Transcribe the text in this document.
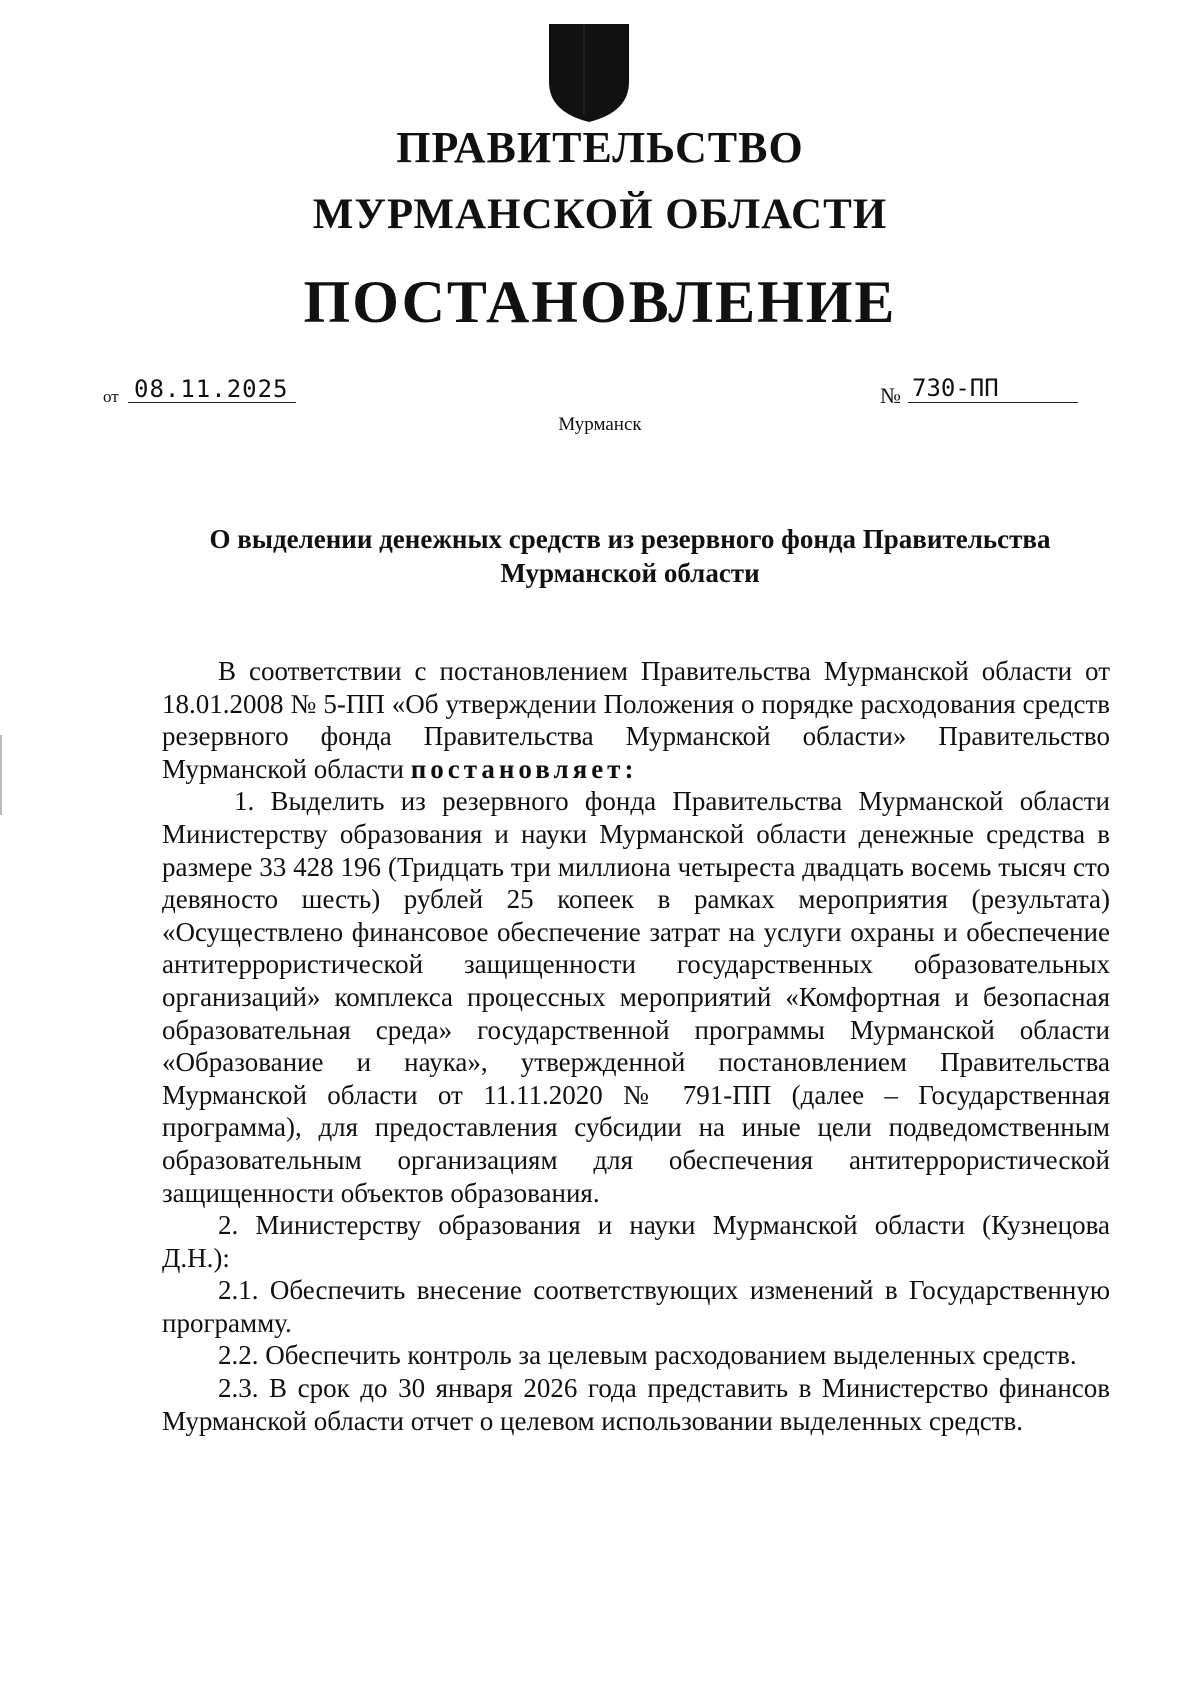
ПРАВИТЕЛЬСТВО
МУРМАНСКОЙ ОБЛАСТИ
ПОСТАНОВЛЕНИЕ
от 08.11.2025	№ 730-ПП
Мурманск
О выделении денежных средств из резервного фонда Правительства
Мурманской области

В соответствии с постановлением Правительства Мурманской области от 18.01.2008 № 5-ПП «Об утверждении Положения о порядке расходования средств резервного фонда Правительства Мурманской области» Правительство Мурманской области постановляет:

1. Выделить из резервного фонда Правительства Мурманской области Министерству образования и науки Мурманской области денежные средства в размере 33 428 196 (Тридцать три миллиона четыреста двадцать восемь тысяч сто девяносто шесть) рублей 25 копеек в рамках мероприятия (результата) «Осуществлено финансовое обеспечение затрат на услуги охраны и обеспечение антитеррористической защищенности государственных образовательных организаций» комплекса процессных мероприятий «Комфортная и безопасная образовательная среда» государственной программы Мурманской области «Образование и наука», утвержденной постановлением Правительства Мурманской области от 11.11.2020 № 791-ПП (далее – Государственная программа), для предоставления субсидии на иные цели подведомственным образовательным организациям для обеспечения антитеррористической защищенности объектов образования.

2. Министерству образования и науки Мурманской области (Кузнецова Д.Н.):

2.1. Обеспечить внесение соответствующих изменений в Государственную программу.

2.2. Обеспечить контроль за целевым расходованием выделенных средств.

2.3. В срок до 30 января 2026 года представить в Министерство финансов Мурманской области отчет о целевом использовании выделенных средств.
